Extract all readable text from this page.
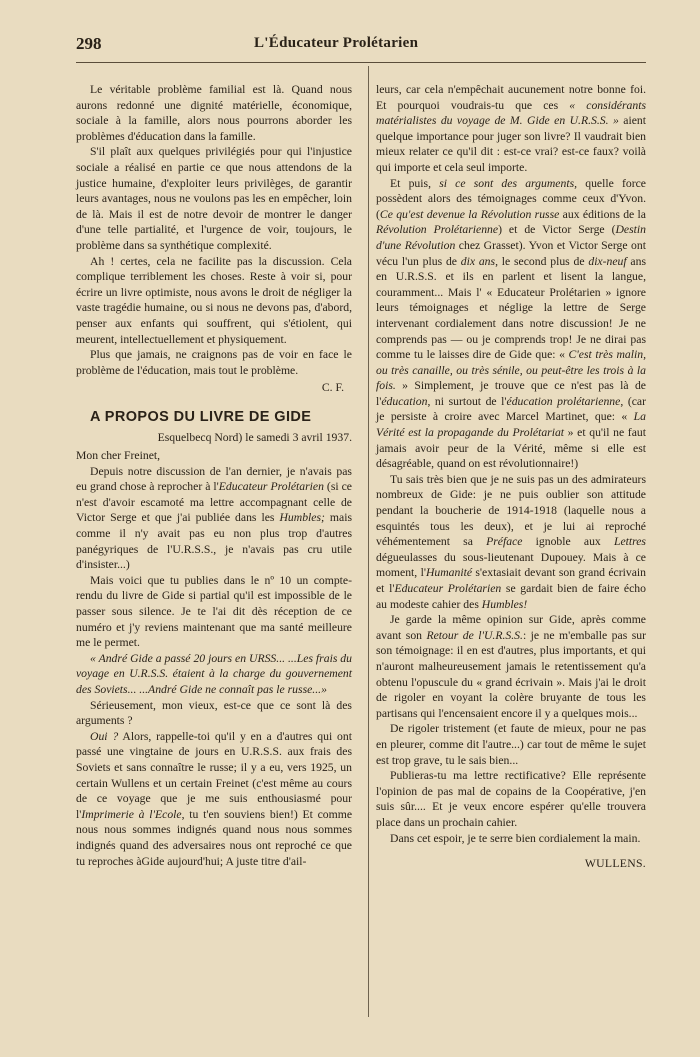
298	L'Éducateur Prolétarien

Le véritable problème familial est là. Quand nous aurons redonné une dignité matérielle, économique, sociale à la famille, alors nous pourrons aborder les problèmes d'éducation dans la famille.

S'il plaît aux quelques privilégiés pour qui l'injustice sociale a réalisé en partie ce que nous attendons de la justice humaine, d'exploiter leurs privilèges, de garantir leurs avantages, nous ne voulons pas les en empêcher, loin de là. Mais il est de notre devoir de montrer le danger d'une telle partialité, et l'urgence de voir, toujours, le problème dans sa synthétique complexité.

Ah ! certes, cela ne facilite pas la discussion. Cela complique terriblement les choses. Reste à voir si, pour écrire un livre optimiste, nous avons le droit de négliger la vaste tragédie humaine, ou si nous ne devons pas, d'abord, penser aux enfants qui souffrent, qui s'étiolent, qui meurent, intellectuellement et physiquement.

Plus que jamais, ne craignons pas de voir en face le problème de l'éducation, mais tout le problème.

C. F.
A PROPOS DU LIVRE DE GIDE
Esquelbecq Nord) le samedi 3 avril 1937.

Mon cher Freinet,

Depuis notre discussion de l'an dernier, je n'avais pas eu grand chose à reprocher à l'Educateur Prolétarien (si ce n'est d'avoir escamoté ma lettre accompagnant celle de Victor Serge et que j'ai publiée dans les Humbles; mais comme il n'y avait pas eu non plus trop d'autres panégyriques de l'U.R.S.S., je n'avais pas cru utile d'insister...)

Mais voici que tu publies dans le nº 10 un compte-rendu du livre de Gide si partial qu'il est impossible de le passer sous silence. Je te l'ai dit dès réception de ce numéro et j'y reviens maintenant que ma santé meilleure me le permet.

« André Gide a passé 20 jours en URSS... ...Les frais du voyage en U.R.S.S. étaient à la charge du gouvernement des Soviets... ...André Gide ne connaît pas le russe...»

Sérieusement, mon vieux, est-ce que ce sont là des arguments ?

Oui ? Alors, rappelle-toi qu'il y en a d'autres qui ont passé une vingtaine de jours en U.R.S.S. aux frais des Soviets et sans connaître le russe; il y a eu, vers 1925, un certain Wullens et un certain Freinet (c'est même au cours de ce voyage que je me suis enthousiasmé pour l'Imprimerie à l'Ecole, tu t'en souviens bien!) Et comme nous nous sommes indignés quand nous nous sommes indignés quand des adversaires nous ont reproché ce que tu reproches àGide aujourd'hui; A juste titre d'ail-

leurs, car cela n'empêchait aucunement notre bonne foi. Et pourquoi voudrais-tu que ces « considérants matérialistes du voyage de M. Gide en U.R.S.S. » aient quelque importance pour juger son livre? Il vaudrait bien mieux relater ce qu'il dit : est-ce vrai? est-ce faux? voilà qui importe et cela seul importe.

Et puis, si ce sont des arguments, quelle force possèdent alors des témoignages comme ceux d'Yvon. (Ce qu'est devenue la Révolution russe aux éditions de la Révolution Prolétarienne) et de Victor Serge (Destin d'une Révolution chez Grasset). Yvon et Victor Serge ont vécu l'un plus de dix ans, le second plus de dix-neuf ans en U.R.S.S. et ils en parlent et lisent la langue, couramment... Mais l' « Educateur Prolétarien » ignore leurs témoignages et néglige la lettre de Serge intervenant cordialement dans notre discussion! Je ne comprends pas — ou je comprends trop! Je ne dirai pas comme tu le laisses dire de Gide que: « C'est très malin, ou très canaille, ou très sénile, ou peut-être les trois à la fois. » Simplement, je trouve que ce n'est pas là de l'éducation, ni surtout de l'éducation prolétarienne, (car je persiste à croire avec Marcel Martinet, que: « La Vérité est la propagande du Prolétariat » et qu'il ne faut jamais avoir peur de la Vérité, même si elle est désagréable, quand on est révolutionnaire!)

Tu sais très bien que je ne suis pas un des admirateurs nombreux de Gide: je ne puis oublier son attitude pendant la boucherie de 1914-1918 (laquelle nous a esquintés tous les deux), et je lui ai reproché véhémentement sa Préface ignoble aux Lettres dégueulasses du sous-lieutenant Dupouey. Mais à ce moment, l'Humanité s'extasiait devant son grand écrivain et l'Educateur Prolétarien se gardait bien de faire écho au modeste cahier des Humbles!

Je garde la même opinion sur Gide, après comme avant son Retour de l'U.R.S.S.: je ne m'emballe pas sur son témoignage: il en est d'autres, plus importants, et qui n'auront malheureusement jamais le retentissement qu'a obtenu l'opuscule du « grand écrivain ». Mais j'ai le droit de rigoler en voyant la colère bruyante de tous les partisans qui l'encensaient encore il y a quelques mois...

De rigoler tristement (et faute de mieux, pour ne pas en pleurer, comme dit l'autre...) car tout de même le sujet est trop grave, tu le sais bien...

Publieras-tu ma lettre rectificative? Elle représente l'opinion de pas mal de copains de la Coopérative, j'en suis sûr.... Et je veux encore espérer qu'elle trouvera place dans un prochain cahier.

Dans cet espoir, je te serre bien cordialement la main.

WULLENS.
